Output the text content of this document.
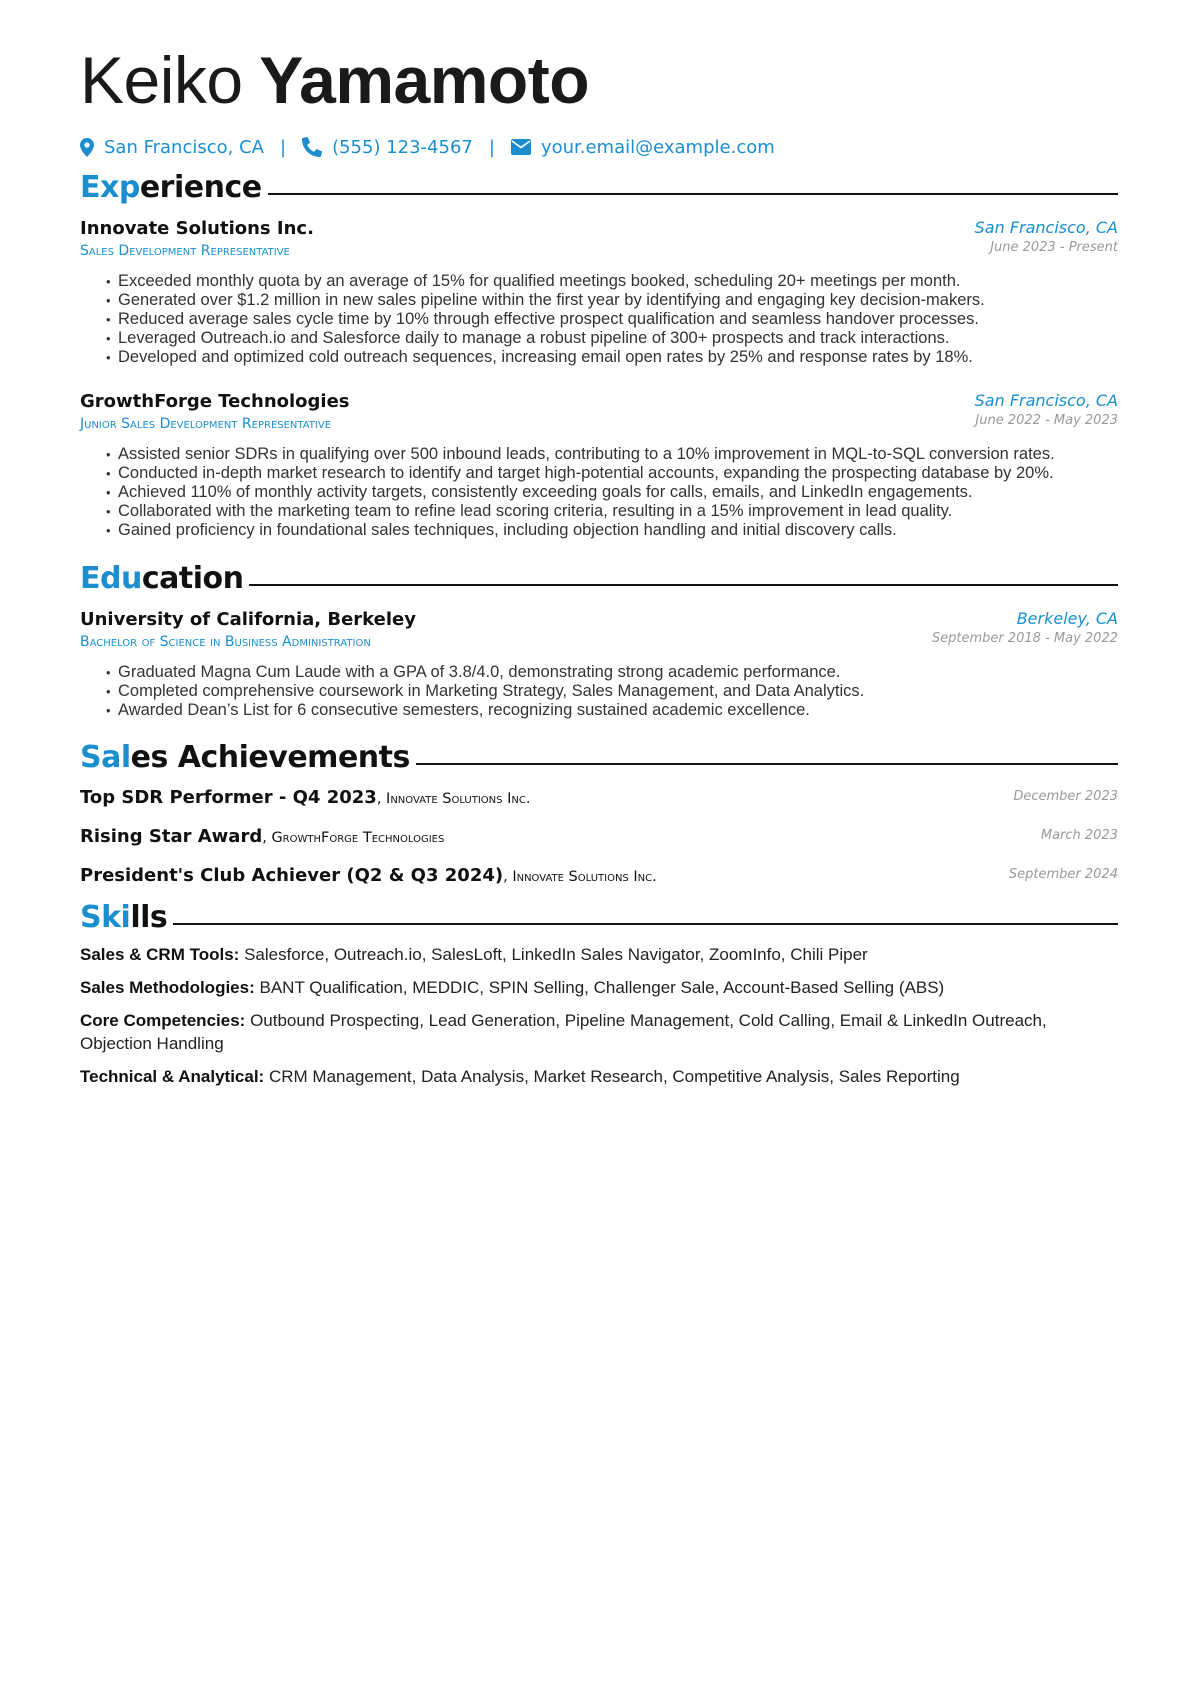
Keiko Yamamoto
San Francisco, CA |	(555) 123-4567 |	your.email@example.com
Experience
Innovate Solutions Inc.	San Francisco, CA
Sales Development Representative	June 2023 - Present
• Exceeded monthly quota by an average of 15% for qualified meetings booked, scheduling 20+ meetings per month.
• Generated over $1.2 million in new sales pipeline within the first year by identifying and engaging key decision-makers.
• Reduced average sales cycle time by 10% through effective prospect qualification and seamless handover processes.
• Leveraged Outreach.io and Salesforce daily to manage a robust pipeline of 300+ prospects and track interactions.
• Developed and optimized cold outreach sequences, increasing email open rates by 25% and response rates by 18%.
GrowthForge Technologies	San Francisco, CA
Junior Sales Development Representative	June 2022 - May 2023
• Assisted senior SDRs in qualifying over 500 inbound leads, contributing to a 10% improvement in MQL-to-SQL conversion rates.
• Conducted in-depth market research to identify and target high-potential accounts, expanding the prospecting database by 20%.
• Achieved 110% of monthly activity targets, consistently exceeding goals for calls, emails, and LinkedIn engagements.
• Collaborated with the marketing team to refine lead scoring criteria, resulting in a 15% improvement in lead quality.
• Gained proficiency in foundational sales techniques, including objection handling and initial discovery calls.
Education
University of California, Berkeley	Berkeley, CA
Bachelor of Science in Business Administration	September 2018 - May 2022
• Graduated Magna Cum Laude with a GPA of 3.8/4.0, demonstrating strong academic performance.
• Completed comprehensive coursework in Marketing Strategy, Sales Management, and Data Analytics.
• Awarded Dean’s List for 6 consecutive semesters, recognizing sustained academic excellence.
Sales Achievements
Top SDR Performer - Q4 2023, Innovate Solutions Inc.	December 2023
Rising Star Award, GrowthForge Technologies	March 2023
President's Club Achiever (Q2 & Q3 2024), Innovate Solutions Inc.	September 2024
Skills
Sales & CRM Tools: Salesforce, Outreach.io, SalesLoft, LinkedIn Sales Navigator, ZoomInfo, Chili Piper
Sales Methodologies: BANT Qualification, MEDDIC, SPIN Selling, Challenger Sale, Account-Based Selling (ABS)
Core Competencies: Outbound Prospecting, Lead Generation, Pipeline Management, Cold Calling, Email & LinkedIn Outreach, Objection Handling
Technical & Analytical: CRM Management, Data Analysis, Market Research, Competitive Analysis, Sales Reporting
